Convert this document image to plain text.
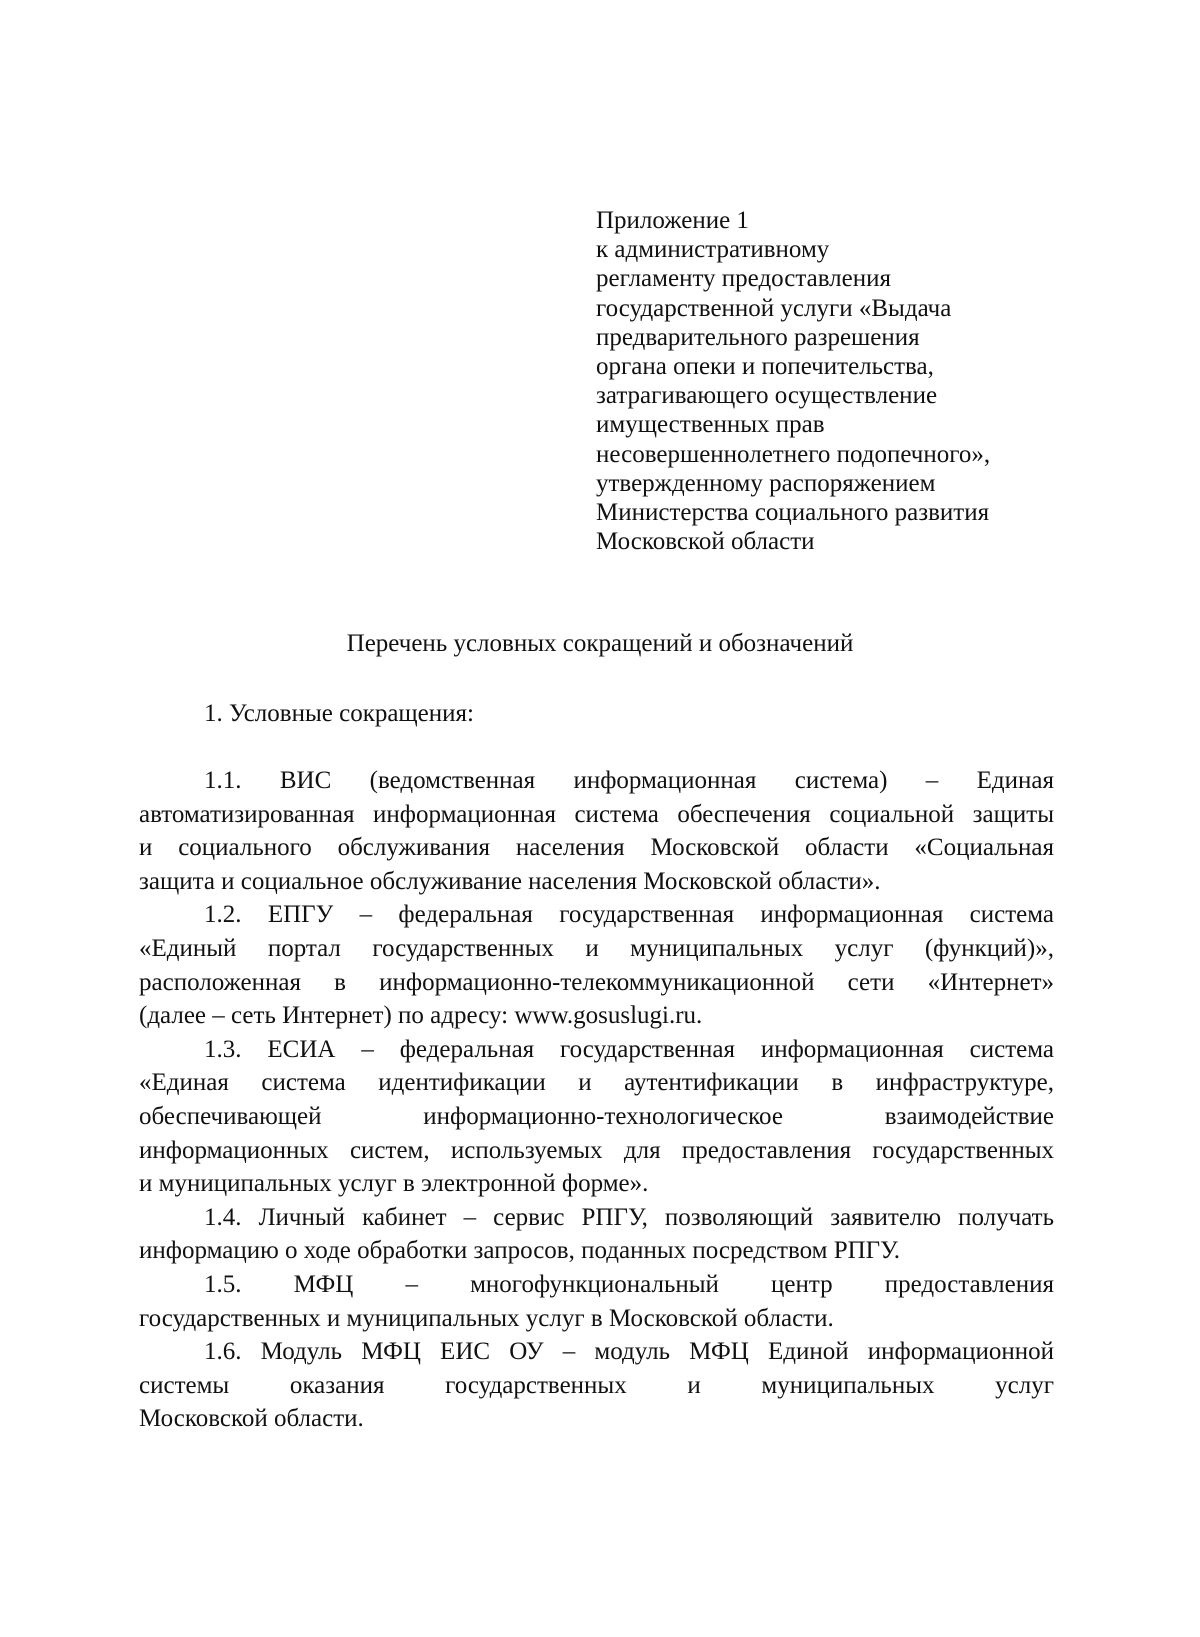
Приложение 1
к административному
регламенту предоставления
государственной услуги «Выдача
предварительного разрешения
органа опеки и попечительства,
затрагивающего осуществление
имущественных прав
несовершеннолетнего подопечного»,
утвержденному распоряжением
Министерства социального развития
Московской области
Перечень условных сокращений и обозначений
1. Условные сокращения:
1.1. ВИС (ведомственная информационная система) – Единая
автоматизированная информационная система обеспечения социальной защиты
и социального обслуживания населения Московской области «Социальная
защита и социальное обслуживание населения Московской области».
1.2. ЕПГУ – федеральная государственная информационная система
«Единый портал государственных и муниципальных услуг (функций)»,
расположенная в информационно-телекоммуникационной сети «Интернет»
(далее – сеть Интернет) по адресу: www.gosuslugi.ru.
1.3. ЕСИА – федеральная государственная информационная система
«Единая система идентификации и аутентификации в инфраструктуре,
обеспечивающей информационно-технологическое взаимодействие
информационных систем, используемых для предоставления государственных
и муниципальных услуг в электронной форме».
1.4. Личный кабинет – сервис РПГУ, позволяющий заявителю получать
информацию о ходе обработки запросов, поданных посредством РПГУ.
1.5. МФЦ – многофункциональный центр предоставления
государственных и муниципальных услуг в Московской области.
1.6. Модуль МФЦ ЕИС ОУ – модуль МФЦ Единой информационной
системы оказания государственных и муниципальных услуг
Московской области.
